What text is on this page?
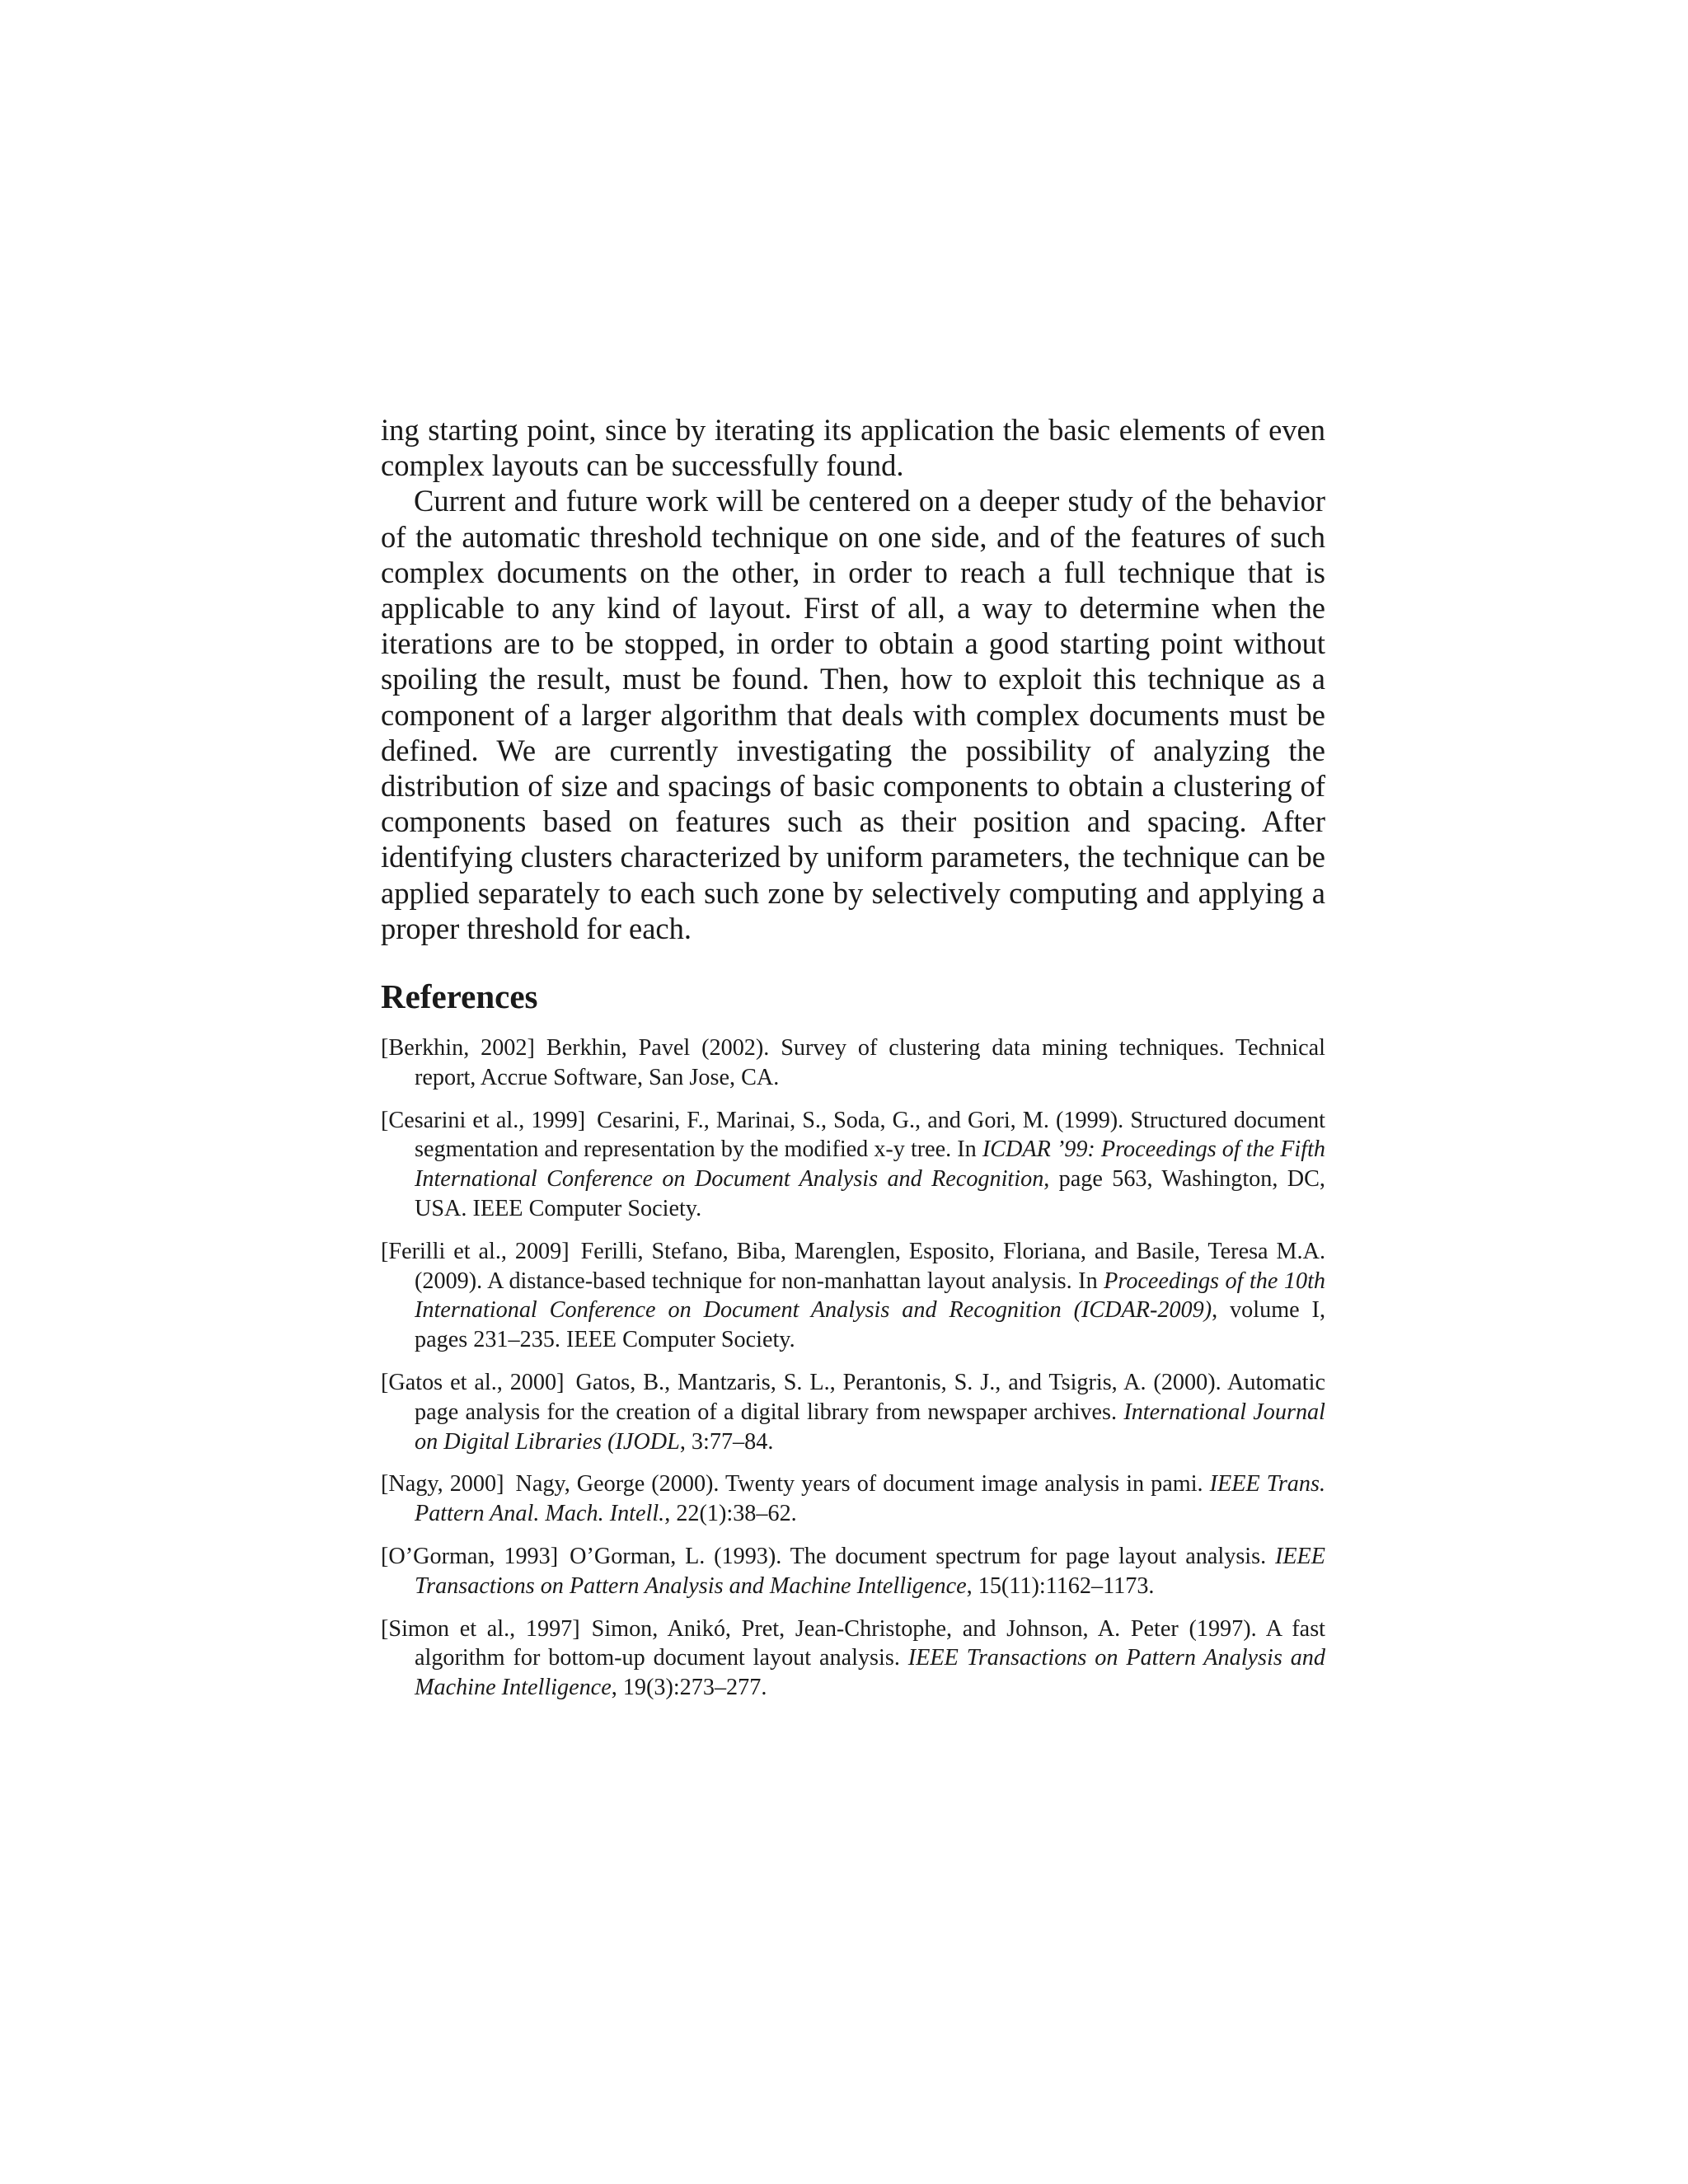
ing starting point, since by iterating its application the basic elements of even complex layouts can be successfully found.

Current and future work will be centered on a deeper study of the behavior of the automatic threshold technique on one side, and of the features of such complex documents on the other, in order to reach a full technique that is applicable to any kind of layout. First of all, a way to determine when the iterations are to be stopped, in order to obtain a good starting point without spoiling the result, must be found. Then, how to exploit this technique as a component of a larger algorithm that deals with complex documents must be defined. We are currently investigating the possibility of analyzing the distribution of size and spacings of basic components to obtain a clustering of components based on features such as their position and spacing. After identifying clusters characterized by uniform parameters, the technique can be applied separately to each such zone by selectively computing and applying a proper threshold for each.

References
[Berkhin, 2002] Berkhin, Pavel (2002). Survey of clustering data mining techniques. Technical report, Accrue Software, San Jose, CA.
[Cesarini et al., 1999] Cesarini, F., Marinai, S., Soda, G., and Gori, M. (1999). Structured document segmentation and representation by the modified x-y tree. In ICDAR ’99: Proceedings of the Fifth International Conference on Document Analysis and Recognition, page 563, Washington, DC, USA. IEEE Computer Society.
[Ferilli et al., 2009] Ferilli, Stefano, Biba, Marenglen, Esposito, Floriana, and Basile, Teresa M.A. (2009). A distance-based technique for non-manhattan layout analysis. In Proceedings of the 10th International Conference on Document Analysis and Recognition (ICDAR-2009), volume I, pages 231–235. IEEE Computer Society.
[Gatos et al., 2000] Gatos, B., Mantzaris, S. L., Perantonis, S. J., and Tsigris, A. (2000). Automatic page analysis for the creation of a digital library from newspaper archives. International Journal on Digital Libraries (IJODL, 3:77–84.
[Nagy, 2000] Nagy, George (2000). Twenty years of document image analysis in pami. IEEE Trans. Pattern Anal. Mach. Intell., 22(1):38–62.
[O’Gorman, 1993] O’Gorman, L. (1993). The document spectrum for page layout analysis. IEEE Transactions on Pattern Analysis and Machine Intelligence, 15(11):1162–1173.
[Simon et al., 1997] Simon, Anikó, Pret, Jean-Christophe, and Johnson, A. Peter (1997). A fast algorithm for bottom-up document layout analysis. IEEE Transactions on Pattern Analysis and Machine Intelligence, 19(3):273–277.
